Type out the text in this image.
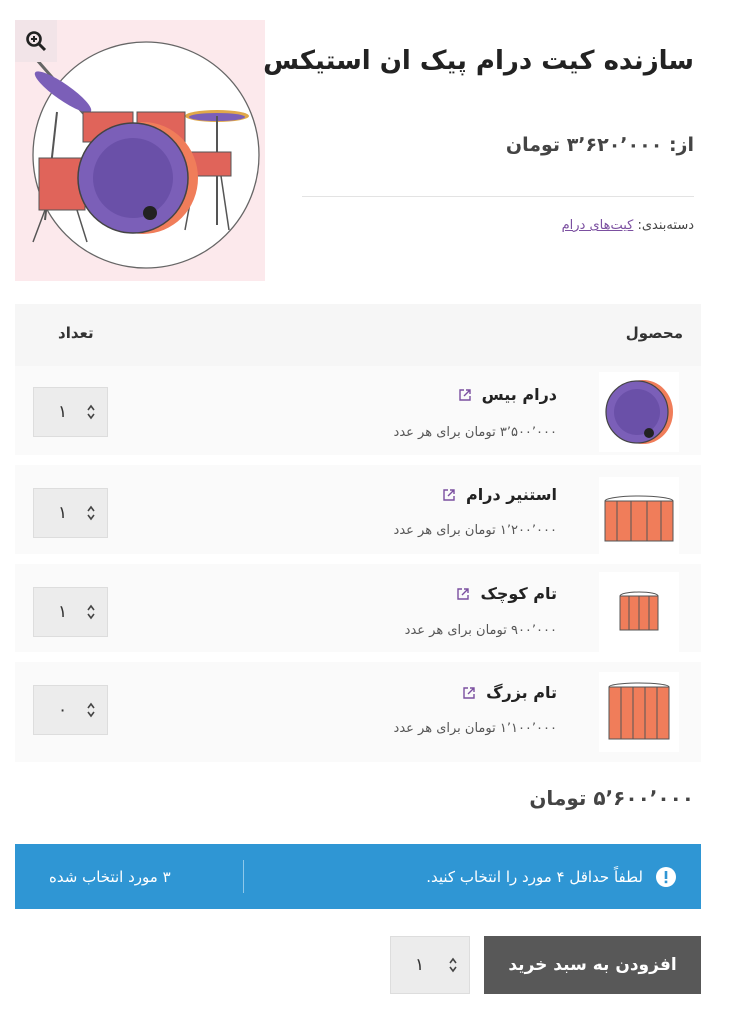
سازنده کیت درام پیک ان استیکس
از: ۳٬۶۲۰٬۰۰۰ تومان
دسته‌بندی: کیت‌های درام
محصول
تعداد
درام بیس
۳٬۵۰۰٬۰۰۰ تومان برای هر عدد
۱
استنیر درام
۱٬۲۰۰٬۰۰۰ تومان برای هر عدد
۱
تام کوچک
۹۰۰٬۰۰۰ تومان برای هر عدد
۱
تام بزرگ
۱٬۱۰۰٬۰۰۰ تومان برای هر عدد
۰
۵٬۶۰۰٬۰۰۰ تومان
لطفاً حداقل ۴ مورد را انتخاب کنید.
۳ مورد انتخاب شده
افزودن به سبد خرید
۱
